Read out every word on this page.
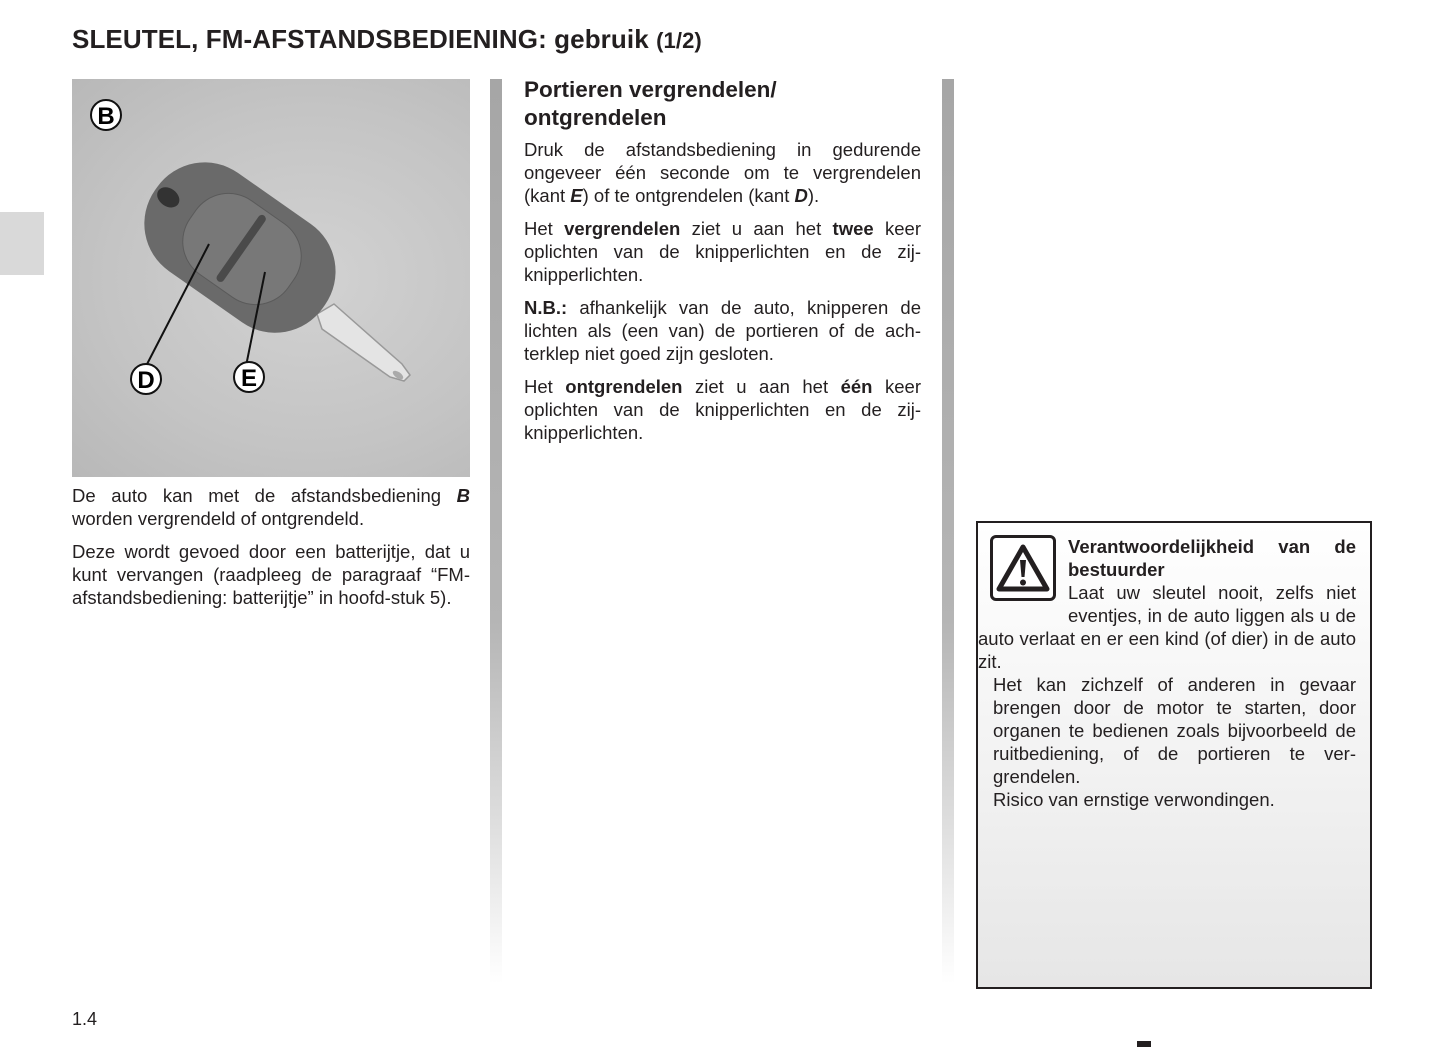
SLEUTEL, FM-AFSTANDSBEDIENING: gebruik (1/2)
B
D	E

De auto kan met de afstandsbediening B worden vergrendeld of ontgrendeld.

Deze wordt gevoed door een batterijtje, dat u kunt vervangen (raadpleeg de paragraaf “FM-afstandsbediening: batterijtje” in hoofd-stuk 5).

Portieren vergrendelen/ ontgrendelen

Druk de afstandsbediening in gedurende ongeveer één seconde om te vergrendelen (kant E) of te ontgrendelen (kant D).

Het vergrendelen ziet u aan het twee keer oplichten van de knipperlichten en de zij-knipperlichten.

N.B.: afhankelijk van de auto, knipperen de lichten als (een van) de portieren of de ach-terklep niet goed zijn gesloten.

Het ontgrendelen ziet u aan het één keer oplichten van de knipperlichten en de zij-knipperlichten.

Verantwoordelijkheid van de bestuurder
Laat uw sleutel nooit, zelfs niet eventjes, in de auto liggen als u de auto verlaat en er een kind (of dier) in de auto zit.
Het kan zichzelf of anderen in gevaar brengen door de motor te starten, door organen te bedienen zoals bijvoorbeeld de ruitbediening, of de portieren te ver-grendelen.
Risico van ernstige verwondingen.
1.4
